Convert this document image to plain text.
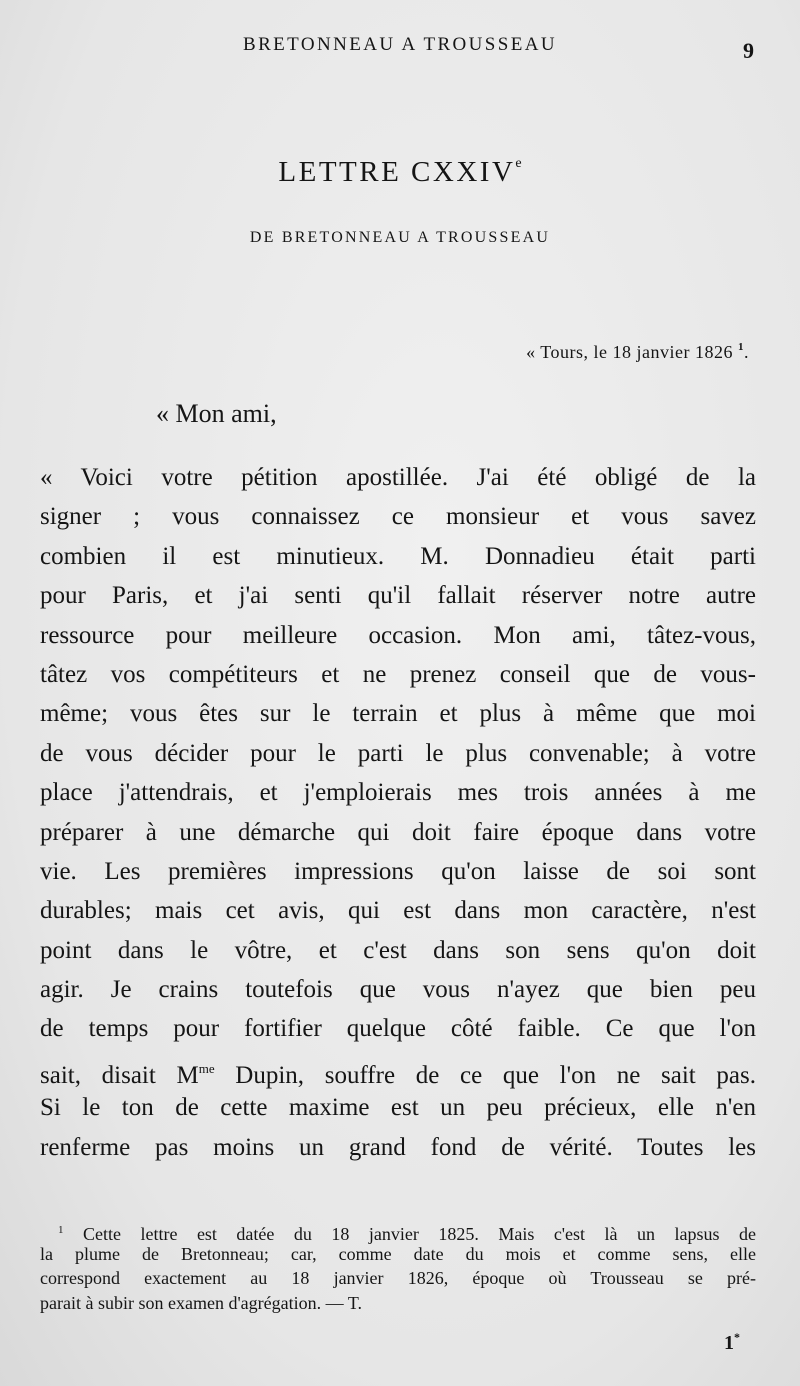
BRETONNEAU A TROUSSEAU	9
LETTRE CXXIVe
DE BRETONNEAU A TROUSSEAU
« Tours, le 18 janvier 1826 $^1$.
« Mon ami,
« Voici votre pétition apostillée. J'ai été obligé de la
signer ; vous connaissez ce monsieur et vous savez
combien il est minutieux. M. Donnadieu était parti
pour Paris, et j'ai senti qu'il fallait réserver notre autre
ressource pour meilleure occasion. Mon ami, tâtez-vous,
tâtez vos compétiteurs et ne prenez conseil que de vous-
même; vous êtes sur le terrain et plus à même que moi
de vous décider pour le parti le plus convenable; à votre
place j'attendrais, et j'emploierais mes trois années à me
préparer à une démarche qui doit faire époque dans votre
vie. Les premières impressions qu'on laisse de soi sont
durables; mais cet avis, qui est dans mon caractère, n'est
point dans le vôtre, et c'est dans son sens qu'on doit
agir. Je crains toutefois que vous n'ayez que bien peu
de temps pour fortifier quelque côté faible. Ce que l'on
sait, disait $M^{me}$ Dupin, souffre de ce que l'on ne sait pas.
Si le ton de cette maxime est un peu précieux, elle n'en
renferme pas moins un grand fond de vérité. Toutes les
$^1$ Cette lettre est datée du 18 janvier 1825. Mais c'est là un lapsus de
la plume de Bretonneau; car, comme date du mois et comme sens, elle
correspond exactement au 18 janvier 1826, époque où Trousseau se pré-
parait à subir son examen d'agrégation. — T.
1*
